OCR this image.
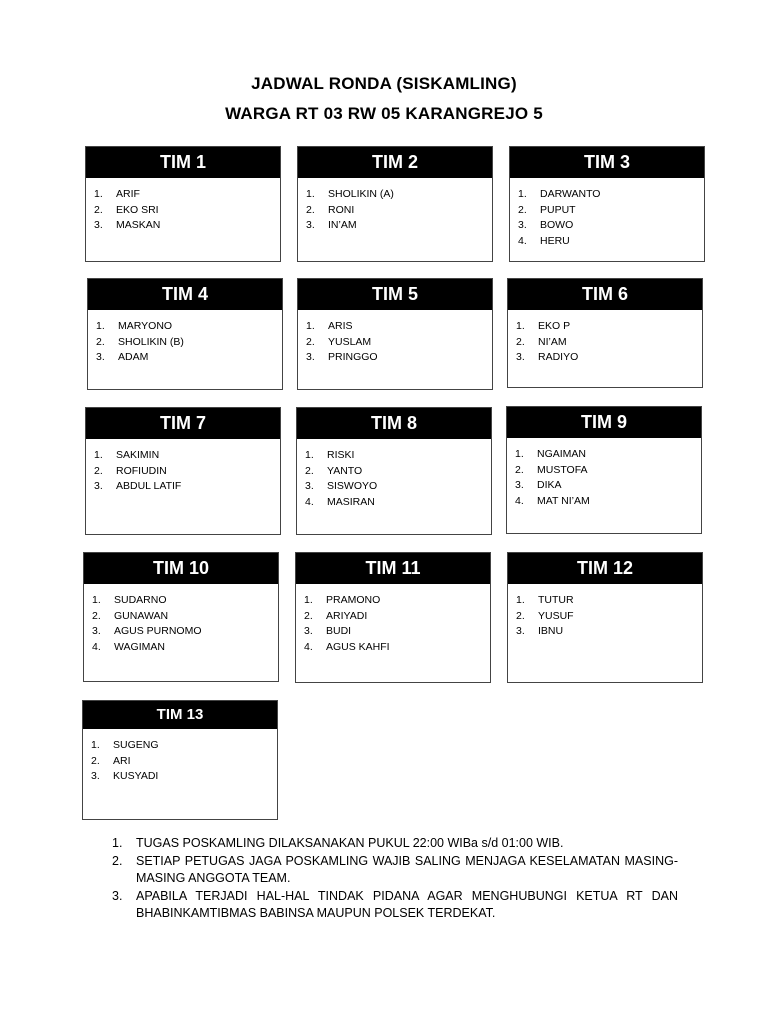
JADWAL RONDA (SISKAMLING)
WARGA RT 03 RW 05 KARANGREJO 5
TIM 1
1. ARIF
2. EKO SRI
3. MASKAN
TIM 2
1. SHOLIKIN (A)
2. RONI
3. IN’AM
TIM 3
1. DARWANTO
2. PUPUT
3. BOWO
4. HERU
TIM 4
1. MARYONO
2. SHOLIKIN (B)
3. ADAM
TIM 5
1. ARIS
2. YUSLAM
3. PRINGGO
TIM 6
1. EKO P
2. NI’AM
3. RADIYO
TIM 7
1. SAKIMIN
2. ROFIUDIN
3. ABDUL LATIF
TIM 8
1. RISKI
2. YANTO
3. SISWOYO
4. MASIRAN
TIM 9
1. NGAIMAN
2. MUSTOFA
3. DIKA
4. MAT NI’AM
TIM 10
1. SUDARNO
2. GUNAWAN
3. AGUS PURNOMO
4. WAGIMAN
TIM 11
1. PRAMONO
2. ARIYADI
3. BUDI
4. AGUS KAHFI
TIM 12
1. TUTUR
2. YUSUF
3. IBNU
TIM 13
1. SUGENG
2. ARI
3. KUSYADI
1. TUGAS POSKAMLING DILAKSANAKAN PUKUL 22:00 WIBa s/d 01:00 WIB.
2. SETIAP PETUGAS JAGA POSKAMLING WAJIB SALING MENJAGA KESELAMATAN MASING-MASING ANGGOTA TEAM.
3. APABILA TERJADI HAL-HAL TINDAK PIDANA AGAR MENGHUBUNGI KETUA RT DAN BHABINKAMTIBMAS BABINSA MAUPUN POLSEK TERDEKAT.
